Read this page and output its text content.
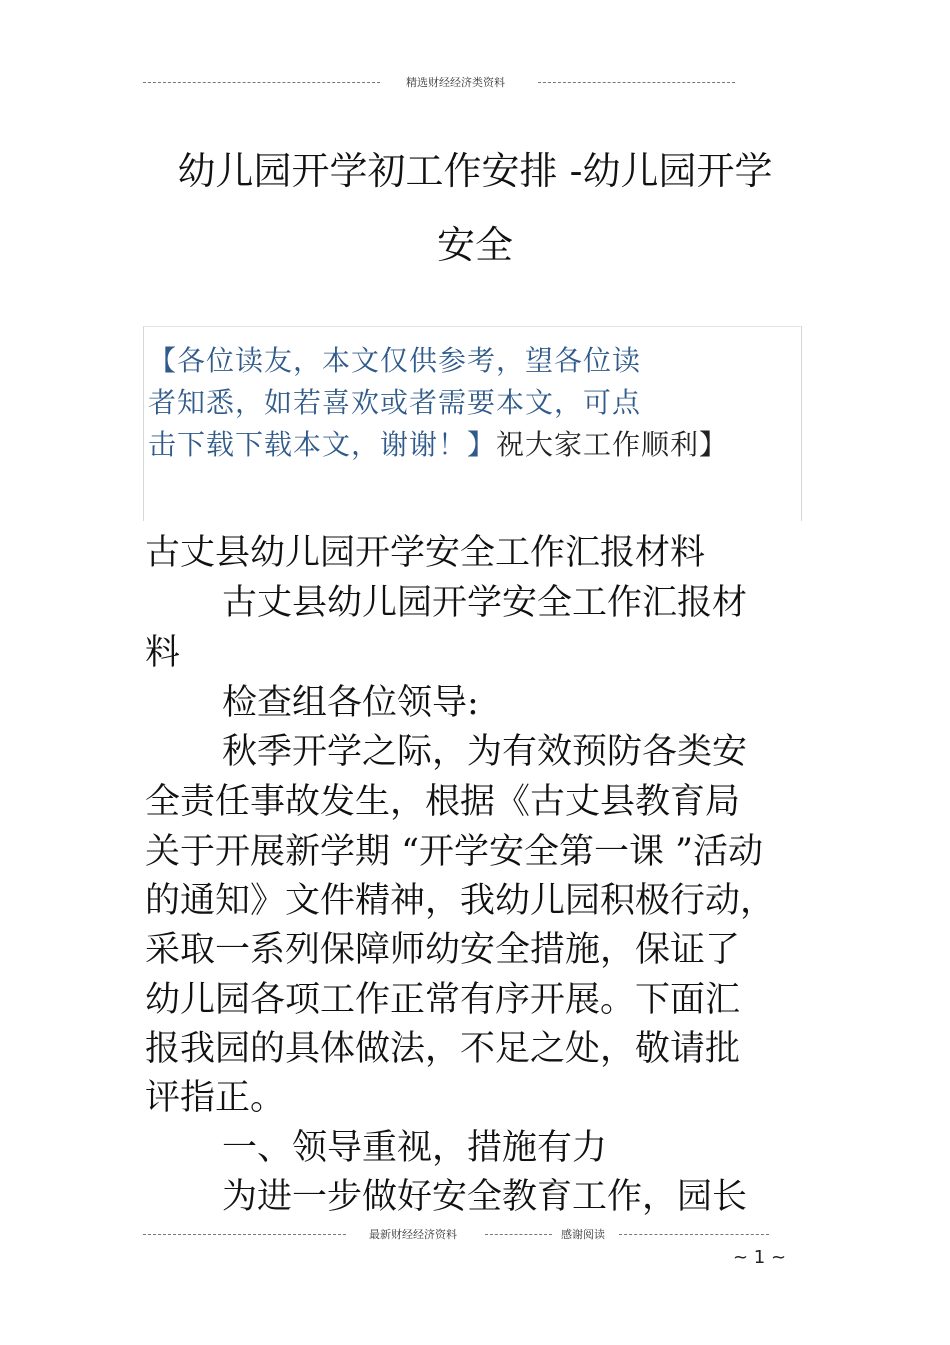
精选财经经济类资料
幼儿园开学初工作安排 -幼儿园开学
安全
【各位读友，本文仅供参考，望各位读
者知悉，如若喜欢或者需要本文，可点
击下载下载本文，谢谢！】祝大家工作顺利】
古丈县幼儿园开学安全工作汇报材料
古丈县幼儿园开学安全工作汇报材
料
检查组各位领导:
秋季开学之际，为有效预防各类安
全责任事故发生，根据《古丈县教育局
关于开展新学期 “开学安全第一课 ”活动
的通知》文件精神，我幼儿园积极行动，
采取一系列保障师幼安全措施，保证了
幼儿园各项工作正常有序开展。下面汇
报我园的具体做法，不足之处，敬请批
评指正。
一、领导重视，措施有力
为进一步做好安全教育工作，园长
最新财经经济资料	感谢阅读
~ 1 ~
